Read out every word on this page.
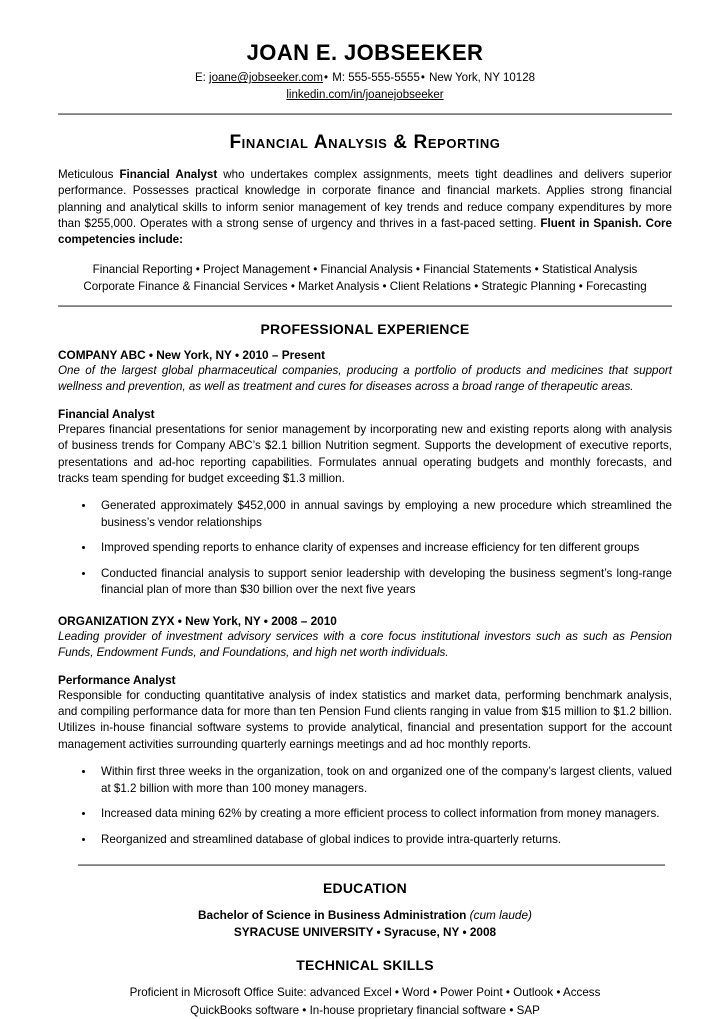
JOAN E. JOBSEEKER
E: joane@jobseeker.com• M: 555-555-5555• New York, NY 10128
linkedin.com/in/joanejobseeker
Financial Analysis & Reporting

Meticulous Financial Analyst who undertakes complex assignments, meets tight deadlines and delivers superior performance. Possesses practical knowledge in corporate finance and financial markets. Applies strong financial planning and analytical skills to inform senior management of key trends and reduce company expenditures by more than $255,000. Operates with a strong sense of urgency and thrives in a fast-paced setting. Fluent in Spanish. Core competencies include:

Financial Reporting • Project Management • Financial Analysis • Financial Statements • Statistical Analysis
Corporate Finance & Financial Services • Market Analysis • Client Relations • Strategic Planning • Forecasting
PROFESSIONAL EXPERIENCE
COMPANY ABC • New York, NY • 2010 – Present

One of the largest global pharmaceutical companies, producing a portfolio of products and medicines that support wellness and prevention, as well as treatment and cures for diseases across a broad range of therapeutic areas.

Financial Analyst

Prepares financial presentations for senior management by incorporating new and existing reports along with analysis of business trends for Company ABC’s $2.1 billion Nutrition segment. Supports the development of executive reports, presentations and ad-hoc reporting capabilities. Formulates annual operating budgets and monthly forecasts, and tracks team spending for budget exceeding $1.3 million.

Generated approximately $452,000 in annual savings by employing a new procedure which streamlined the business’s vendor relationships
Improved spending reports to enhance clarity of expenses and increase efficiency for ten different groups
Conducted financial analysis to support senior leadership with developing the business segment’s long-range financial plan of more than $30 billion over the next five years
ORGANIZATION ZYX • New York, NY • 2008 – 2010

Leading provider of investment advisory services with a core focus institutional investors such as such as Pension Funds, Endowment Funds, and Foundations, and high net worth individuals.

Performance Analyst

Responsible for conducting quantitative analysis of index statistics and market data, performing benchmark analysis, and compiling performance data for more than ten Pension Fund clients ranging in value from $15 million to $1.2 billion. Utilizes in-house financial software systems to provide analytical, financial and presentation support for the account management activities surrounding quarterly earnings meetings and ad hoc monthly reports.

Within first three weeks in the organization, took on and organized one of the company’s largest clients, valued at $1.2 billion with more than 100 money managers.
Increased data mining 62% by creating a more efficient process to collect information from money managers.
Reorganized and streamlined database of global indices to provide intra-quarterly returns.
EDUCATION
Bachelor of Science in Business Administration (cum laude)
SYRACUSE UNIVERSITY • Syracuse, NY • 2008
TECHNICAL SKILLS
Proficient in Microsoft Office Suite: advanced Excel • Word • Power Point • Outlook • Access
QuickBooks software • In-house proprietary financial software • SAP
